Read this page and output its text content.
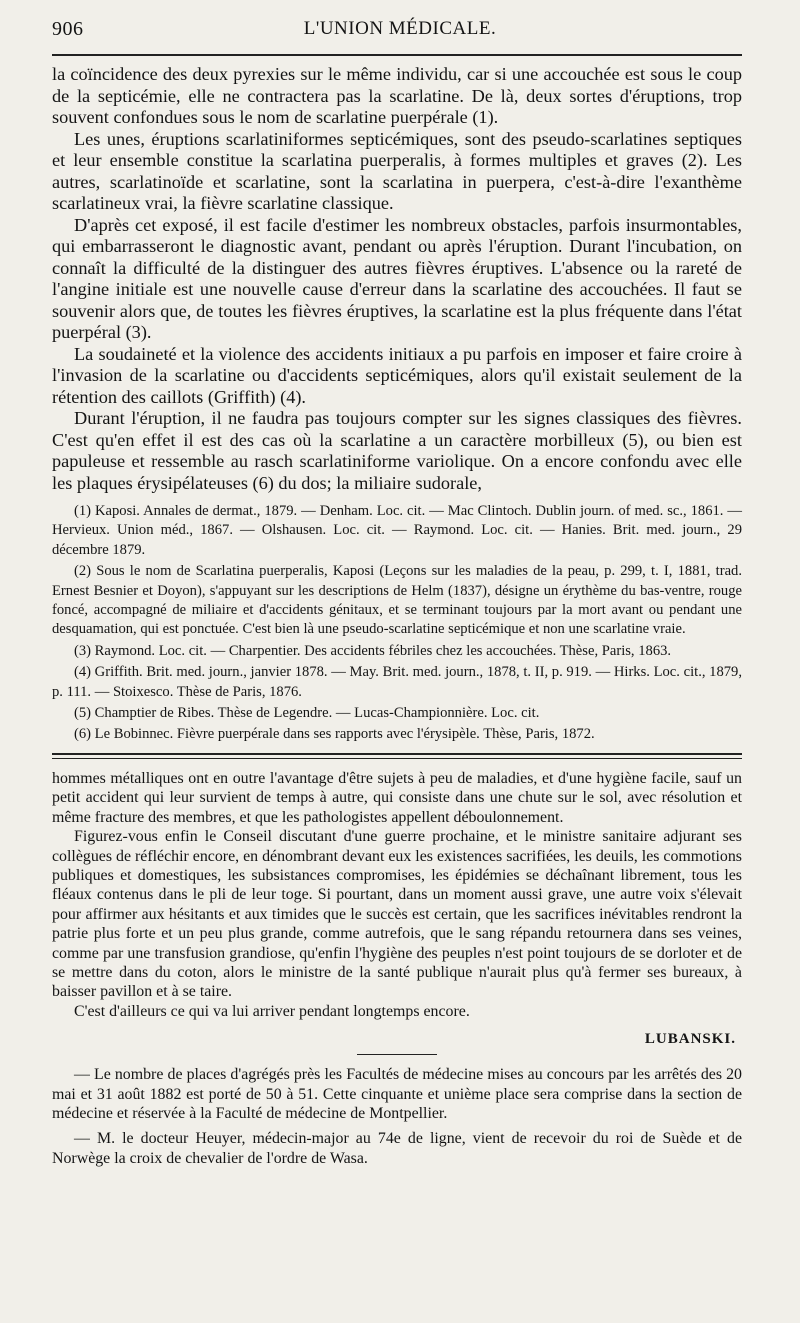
906	L'UNION MÉDICALE.

la coïncidence des deux pyrexies sur le même individu, car si une accouchée est sous le coup de la septicémie, elle ne contractera pas la scarlatine. De là, deux sortes d'éruptions, trop souvent confondues sous le nom de scarlatine puerpérale (1).

Les unes, éruptions scarlatiniformes septicémiques, sont des pseudo-scarlatines septiques et leur ensemble constitue la scarlatina puerperalis, à formes multiples et graves (2). Les autres, scarlatinoïde et scarlatine, sont la scarlatina in puerpera, c'est-à-dire l'exanthème scarlatineux vrai, la fièvre scarlatine classique.

D'après cet exposé, il est facile d'estimer les nombreux obstacles, parfois insurmontables, qui embarrasseront le diagnostic avant, pendant ou après l'éruption. Durant l'incubation, on connaît la difficulté de la distinguer des autres fièvres éruptives. L'absence ou la rareté de l'angine initiale est une nouvelle cause d'erreur dans la scarlatine des accouchées. Il faut se souvenir alors que, de toutes les fièvres éruptives, la scarlatine est la plus fréquente dans l'état puerpéral (3).

La soudaineté et la violence des accidents initiaux a pu parfois en imposer et faire croire à l'invasion de la scarlatine ou d'accidents septicémiques, alors qu'il existait seulement de la rétention des caillots (Griffith) (4).

Durant l'éruption, il ne faudra pas toujours compter sur les signes classiques des fièvres. C'est qu'en effet il est des cas où la scarlatine a un caractère morbilleux (5), ou bien est papuleuse et ressemble au rasch scarlatiniforme variolique. On a encore confondu avec elle les plaques érysipélateuses (6) du dos; la miliaire sudorale,

(1) Kaposi. Annales de dermat., 1879. — Denham. Loc. cit. — Mac Clintoch. Dublin journ. of med. sc., 1861. — Hervieux. Union méd., 1867. — Olshausen. Loc. cit. — Raymond. Loc. cit. — Hanies. Brit. med. journ., 29 décembre 1879.

(2) Sous le nom de Scarlatina puerperalis, Kaposi (Leçons sur les maladies de la peau, p. 299, t. I, 1881, trad. Ernest Besnier et Doyon), s'appuyant sur les descriptions de Helm (1837), désigne un érythème du bas-ventre, rouge foncé, accompagné de miliaire et d'accidents génitaux, et se terminant toujours par la mort avant ou pendant une desquamation, qui est ponctuée. C'est bien là une pseudo-scarlatine septicémique et non une scarlatine vraie.

(3) Raymond. Loc. cit. — Charpentier. Des accidents fébriles chez les accouchées. Thèse, Paris, 1863.

(4) Griffith. Brit. med. journ., janvier 1878. — May. Brit. med. journ., 1878, t. II, p. 919. — Hirks. Loc. cit., 1879, p. 111. — Stoixesco. Thèse de Paris, 1876.

(5) Champtier de Ribes. Thèse de Legendre. — Lucas-Championnière. Loc. cit.

(6) Le Bobinnec. Fièvre puerpérale dans ses rapports avec l'érysipèle. Thèse, Paris, 1872.

hommes métalliques ont en outre l'avantage d'être sujets à peu de maladies, et d'une hygiène facile, sauf un petit accident qui leur survient de temps à autre, qui consiste dans une chute sur le sol, avec résolution et même fracture des membres, et que les pathologistes appellent déboulonnement.

Figurez-vous enfin le Conseil discutant d'une guerre prochaine, et le ministre sanitaire adjurant ses collègues de réfléchir encore, en dénombrant devant eux les existences sacrifiées, les deuils, les commotions publiques et domestiques, les subsistances compromises, les épidémies se déchaînant librement, tous les fléaux contenus dans le pli de leur toge. Si pourtant, dans un moment aussi grave, une autre voix s'élevait pour affirmer aux hésitants et aux timides que le succès est certain, que les sacrifices inévitables rendront la patrie plus forte et un peu plus grande, comme autrefois, que le sang répandu retournera dans ses veines, comme par une transfusion grandiose, qu'enfin l'hygiène des peuples n'est point toujours de se dorloter et de se mettre dans du coton, alors le ministre de la santé publique n'aurait plus qu'à fermer ses bureaux, à baisser pavillon et à se taire.

C'est d'ailleurs ce qui va lui arriver pendant longtemps encore.

LUBANSKI.

— Le nombre de places d'agrégés près les Facultés de médecine mises au concours par les arrêtés des 20 mai et 31 août 1882 est porté de 50 à 51. Cette cinquante et unième place sera comprise dans la section de médecine et réservée à la Faculté de médecine de Montpellier.

— M. le docteur Heuyer, médecin-major au 74e de ligne, vient de recevoir du roi de Suède et de Norwège la croix de chevalier de l'ordre de Wasa.
